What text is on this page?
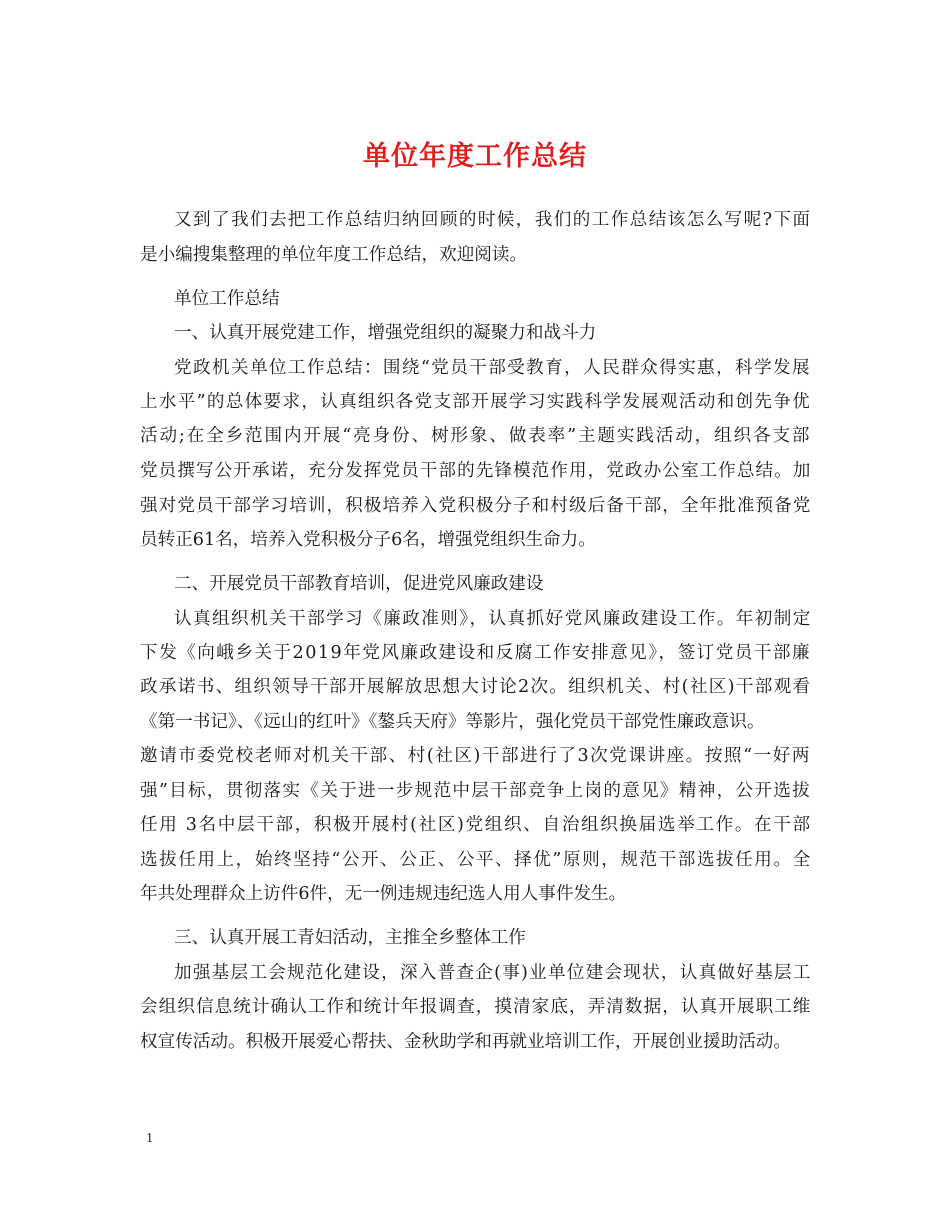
单位年度工作总结
又到了我们去把工作总结归纳回顾的时候，我们的工作总结该怎么写呢?下面
是小编搜集整理的单位年度工作总结，欢迎阅读。
单位工作总结
一、认真开展党建工作，增强党组织的凝聚力和战斗力
党政机关单位工作总结：围绕“党员干部受教育，人民群众得实惠，科学发展
上水平”的总体要求，认真组织各党支部开展学习实践科学发展观活动和创先争优
活动;在全乡范围内开展“亮身份、树形象、做表率”主题实践活动，组织各支部
党员撰写公开承诺，充分发挥党员干部的先锋模范作用，党政办公室工作总结。加
强对党员干部学习培训，积极培养入党积极分子和村级后备干部，全年批准预备党
员转正61名，培养入党积极分子6名，增强党组织生命力。
二、开展党员干部教育培训，促进党风廉政建设
认真组织机关干部学习《廉政准则》，认真抓好党风廉政建设工作。年初制定
下发《向峨乡关于2019年党风廉政建设和反腐工作安排意见》，签订党员干部廉
政承诺书、组织领导干部开展解放思想大讨论2次。组织机关、村(社区)干部观看
《第一书记》、《远山的红叶》《鏊兵天府》等影片，强化党员干部党性廉政意识。
邀请市委党校老师对机关干部、村(社区)干部进行了3次党课讲座。按照“一好两
强”目标，贯彻落实《关于进一步规范中层干部竞争上岗的意见》精神，公开选拔
任用 3名中层干部，积极开展村(社区)党组织、自治组织换届选举工作。在干部
选拔任用上，始终坚持“公开、公正、公平、择优”原则，规范干部选拔任用。全
年共处理群众上访件6件，无一例违规违纪选人用人事件发生。
三、认真开展工青妇活动，主推全乡整体工作
加强基层工会规范化建设，深入普查企(事)业单位建会现状，认真做好基层工
会组织信息统计确认工作和统计年报调查，摸清家底，弄清数据，认真开展职工维
权宣传活动。积极开展爱心帮扶、金秋助学和再就业培训工作，开展创业援助活动。
1
